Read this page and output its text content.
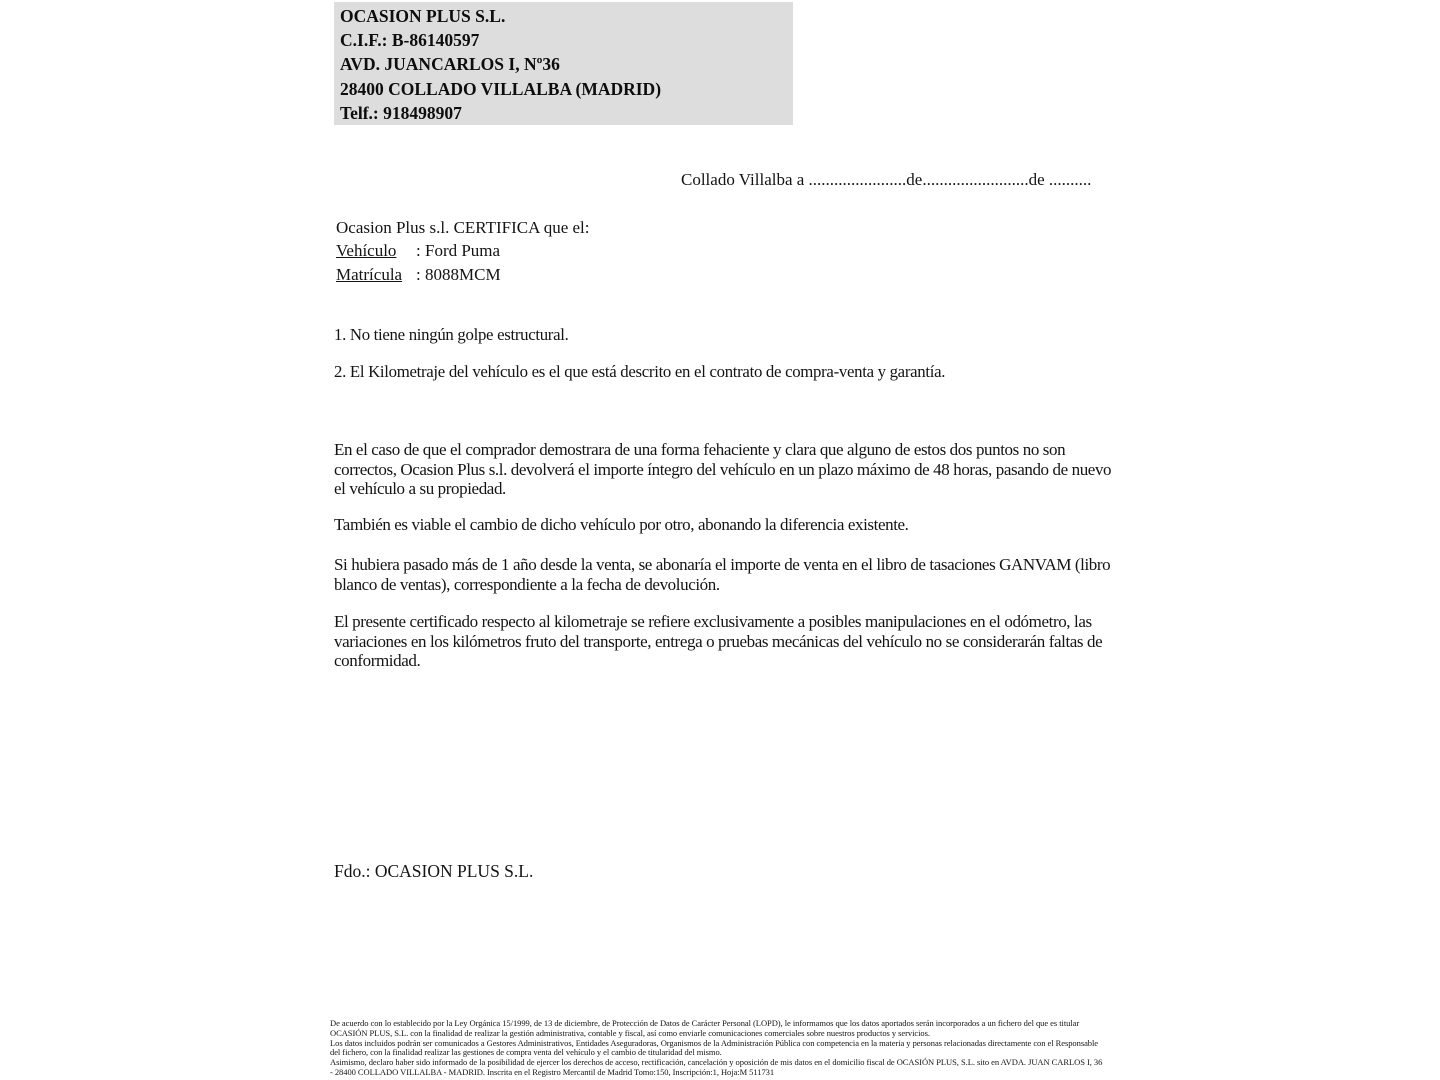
OCASION PLUS S.L.
C.I.F.: B-86140597
AVD. JUANCARLOS I, Nº36
28400 COLLADO VILLALBA (MADRID)
Telf.: 918498907
Collado Villalba a .......................de.........................de ..........
Ocasion Plus s.l. CERTIFICA que el:
Vehículo : Ford Puma
Matrícula : 8088MCM

1. No tiene ningún golpe estructural.

2. El Kilometraje del vehículo es el que está descrito en el contrato de compra-venta y garantía.

En el caso de que el comprador demostrara de una forma fehaciente y clara que alguno de estos dos puntos no son correctos, Ocasion Plus s.l. devolverá el importe íntegro del vehículo en un plazo máximo de 48 horas, pasando de nuevo el vehículo a su propiedad.

También es viable el cambio de dicho vehículo por otro, abonando la diferencia existente.

Si hubiera pasado más de 1 año desde la venta, se abonaría el importe de venta en el libro de tasaciones GANVAM (libro blanco de ventas), correspondiente a la fecha de devolución.

El presente certificado respecto al kilometraje se refiere exclusivamente a posibles manipulaciones en el odómetro, las variaciones en los kilómetros fruto del transporte, entrega o pruebas mecánicas del vehículo no se considerarán faltas de conformidad.

Fdo.: OCASION PLUS S.L.

De acuerdo con lo establecido por la Ley Orgánica 15/1999, de 13 de diciembre, de Protección de Datos de Carácter Personal (LOPD), le informamos que los datos aportados serán incorporados a un fichero del que es titular OCASIÓN PLUS, S.L. con la finalidad de realizar la gestión administrativa, contable y fiscal, así como enviarle comunicaciones comerciales sobre nuestros productos y servicios.

Los datos incluidos podrán ser comunicados a Gestores Administrativos, Entidades Aseguradoras, Organismos de la Administración Pública con competencia en la materia y personas relacionadas directamente con el Responsable del fichero, con la finalidad realizar las gestiones de compra venta del vehículo y el cambio de titularidad del mismo.

Asimismo, declaro haber sido informado de la posibilidad de ejercer los derechos de acceso, rectificación, cancelación y oposición de mis datos en el domicilio fiscal de OCASIÓN PLUS, S.L. sito en AVDA. JUAN CARLOS I, 36 - 28400 COLLADO VILLALBA - MADRID. Inscrita en el Registro Mercantil de Madrid Tomo:150, Inscripción:1, Hoja:M 511731
